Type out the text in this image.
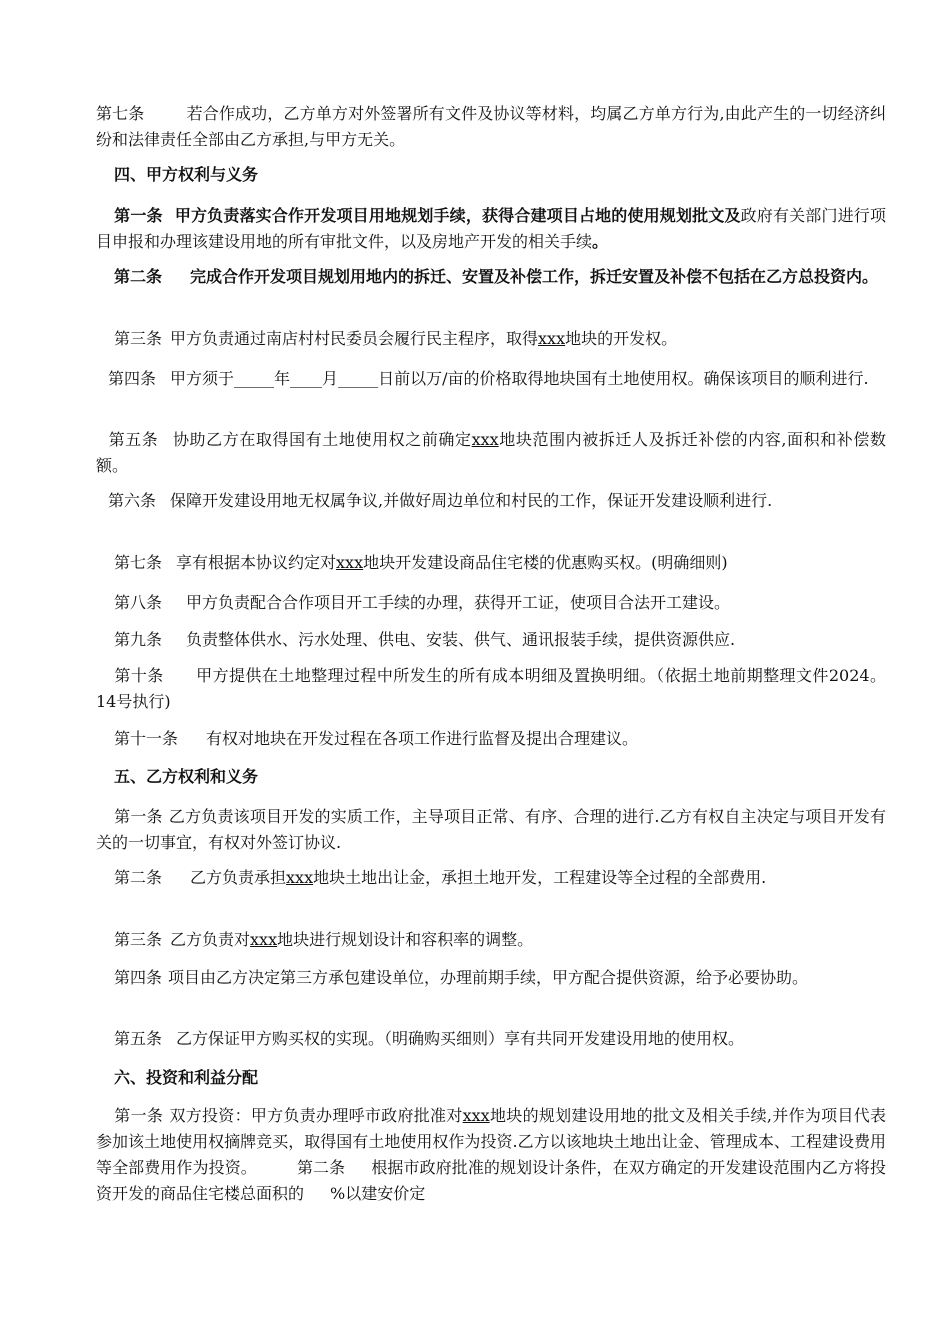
第七条	若合作成功，乙方单方对外签署所有文件及协议等材料，均属乙方单方行为,由此产生的一切经济纠纷和法律责任全部由乙方承担,与甲方无关。

四、甲方权利与义务

第一条 甲方负责落实合作开发项目用地规划手续，获得合建项目占地的使用规划批文及政府有关部门进行项目申报和办理该建设用地的所有审批文件，以及房地产开发的相关手续。

第二条 完成合作开发项目规划用地内的拆迁、安置及补偿工作，拆迁安置及补偿不包括在乙方总投资内。

第三条 甲方负责通过南店村村民委员会履行民主程序，取得xxx地块的开发权。

第四条 甲方须于_____年____月_____日前以万/亩的价格取得地块国有土地使用权。确保该项目的顺利进行.

第五条 协助乙方在取得国有土地使用权之前确定xxx地块范围内被拆迁人及拆迁补偿的内容,面积和补偿数额。

第六条 保障开发建设用地无权属争议,并做好周边单位和村民的工作，保证开发建设顺利进行.

第七条 享有根据本协议约定对xxx地块开发建设商品住宅楼的优惠购买权。(明确细则)

第八条 甲方负责配合合作项目开工手续的办理，获得开工证，使项目合法开工建设。

第九条 负责整体供水、污水处理、供电、安装、供气、通讯报装手续，提供资源供应.

第十条 甲方提供在土地整理过程中所发生的所有成本明细及置换明细。（依据土地前期整理文件2024。14号执行)

第十一条 有权对地块在开发过程在各项工作进行监督及提出合理建议。

五、乙方权利和义务

第一条 乙方负责该项目开发的实质工作，主导项目正常、有序、合理的进行.乙方有权自主决定与项目开发有关的一切事宜，有权对外签订协议.

第二条 乙方负责承担xxx地块土地出让金，承担土地开发，工程建设等全过程的全部费用.

第三条 乙方负责对xxx地块进行规划设计和容积率的调整。

第四条 项目由乙方决定第三方承包建设单位，办理前期手续，甲方配合提供资源，给予必要协助。

第五条 乙方保证甲方购买权的实现。（明确购买细则）享有共同开发建设用地的使用权。

六、投资和利益分配

第一条 双方投资：甲方负责办理呼市政府批准对xxx地块的规划建设用地的批文及相关手续,并作为项目代表参加该土地使用权摘牌竞买，取得国有土地使用权作为投资.乙方以该地块土地出让金、管理成本、工程建设费用等全部费用作为投资。	第二条 根据市政府批准的规划设计条件，在双方确定的开发建设范围内乙方将投资开发的商品住宅楼总面积的 %以建安价定
